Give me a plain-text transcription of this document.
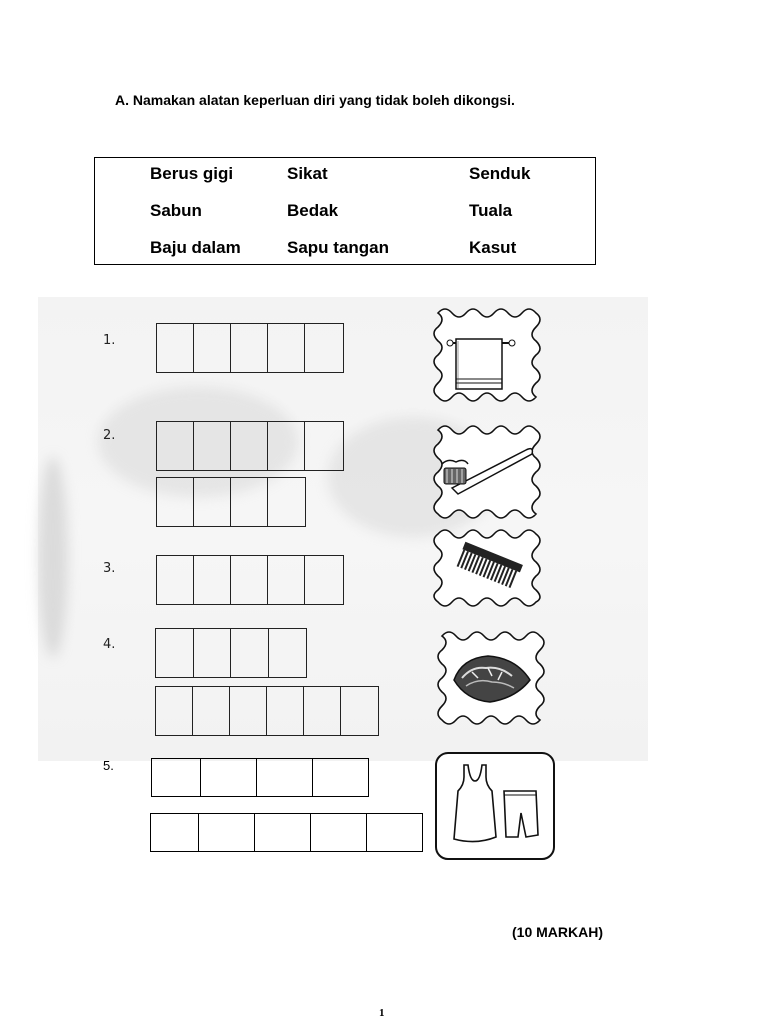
A. Namakan alatan keperluan diri yang tidak boleh dikongsi.
Berus gigi
Sabun
Baju dalam
Sikat
Bedak
Sapu tangan
Senduk
Tuala
Kasut
1.
2.
3.
4.
5.
(10 MARKAH)
1
